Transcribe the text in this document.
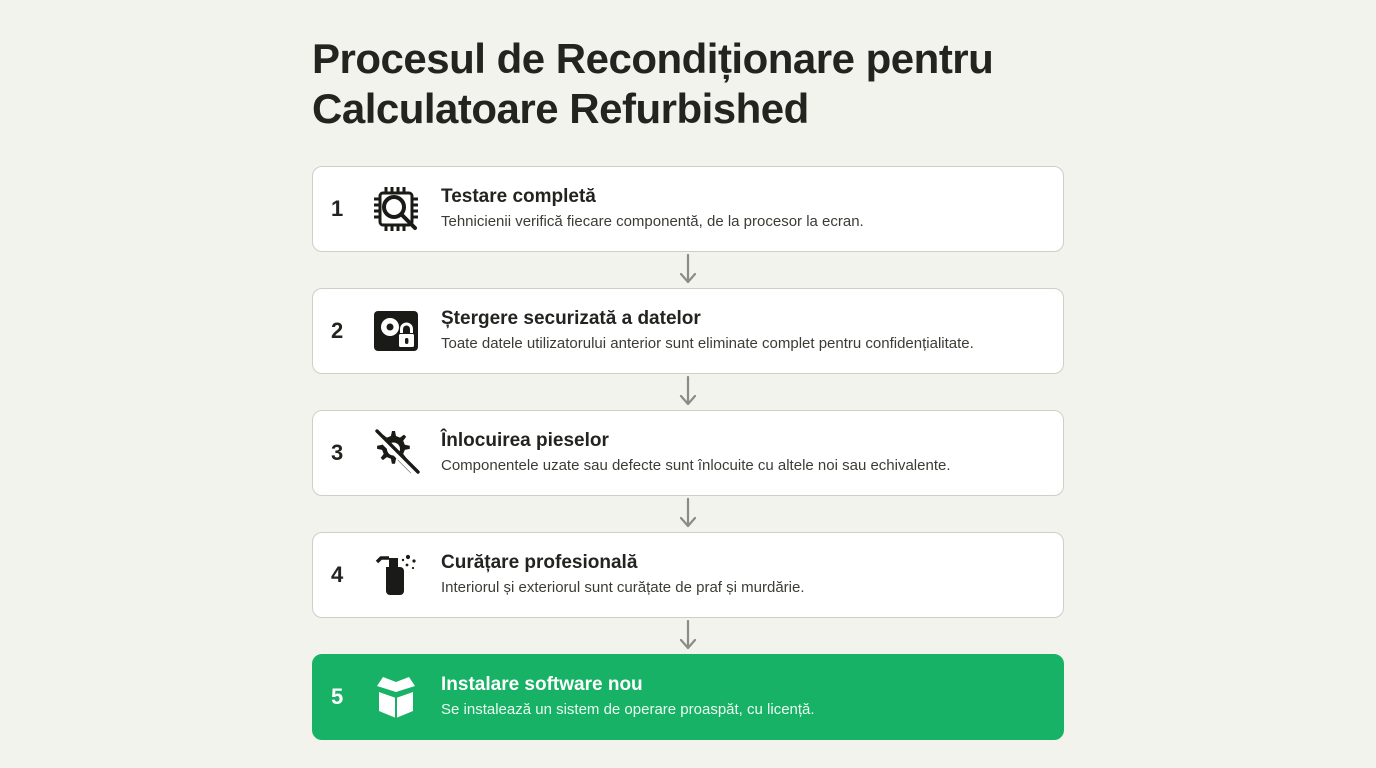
Procesul de Recondiționare pentru Calculatoare Refurbished
1	Testare completă
Tehnicienii verifică fiecare componentă, de la procesor la ecran.
2	Ștergere securizată a datelor
Toate datele utilizatorului anterior sunt eliminate complet pentru confidențialitate.
3	Înlocuirea pieselor
Componentele uzate sau defecte sunt înlocuite cu altele noi sau echivalente.
4	Curățare profesională
Interiorul și exteriorul sunt curățate de praf și murdărie.
5	Instalare software nou
Se instalează un sistem de operare proaspăt, cu licență.
